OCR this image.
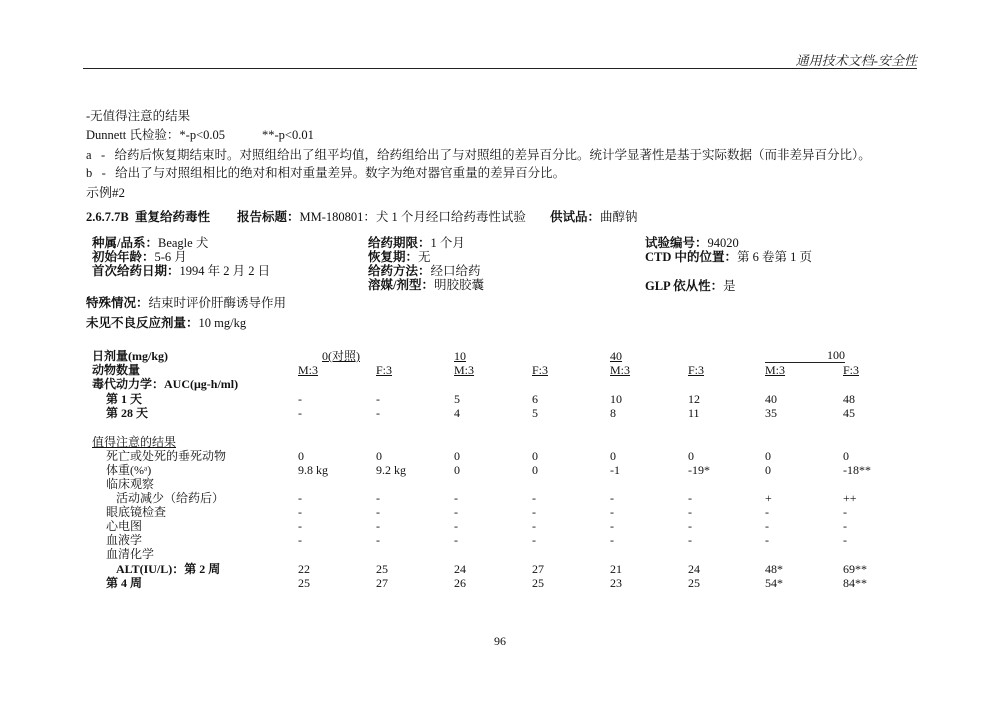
通用技术文档-安全性
-无值得注意的结果
Dunnett 氏检验：*-p<0.05	**-p<0.01
a - 给药后恢复期结束时。对照组给出了组平均值，给药组给出了与对照组的差异百分比。统计学显著性是基于实际数据（而非差异百分比）。
b - 给出了与对照组相比的绝对和相对重量差异。数字为绝对器官重量的差异百分比。
示例#2
2.6.7.7B 重复给药毒性 报告标题：MM-180801：犬 1 个月经口给药毒性试验 供试品：曲醇钠
种属/品系：Beagle 犬
初始年龄：5-6 月
首次给药日期：1994 年 2 月 2 日
给药期限：1 个月
恢复期：无
给药方法：经口给药
溶媒/剂型：明胶胶囊
试验编号：94020
CTD 中的位置：第 6 卷第 1 页
GLP 依从性：是
特殊情况：结束时评价肝酶诱导作用
未见不良反应剂量：10 mg/kg
日剂量(mg/kg)	0(对照)	10	40	100
动物数量	M:3	F:3	M:3	F:3	M:3	F:3	M:3	F:3
毒代动力学：AUC(μg-h/ml)
第 1 天	-	-	5	6	10	12	40	48
第 28 天	-	-	4	5	8	11	35	45
值得注意的结果
死亡或处死的垂死动物	0	0	0	0	0	0	0	0
体重(%ᵃ)	9.8 kg	9.2 kg	0	0	-1	-19*	0	-18**
临床观察
活动减少（给药后）	-	-	-	-	-	-	+	++
眼底镜检查	-	-	-	-	-	-	-	-
心电图	-	-	-	-	-	-	-	-
血液学	-	-	-	-	-	-	-	-
血清化学
ALT(IU/L)：第 2 周	22	25	24	27	21	24	48*	69**
第 4 周	25	27	26	25	23	25	54*	84**
96
